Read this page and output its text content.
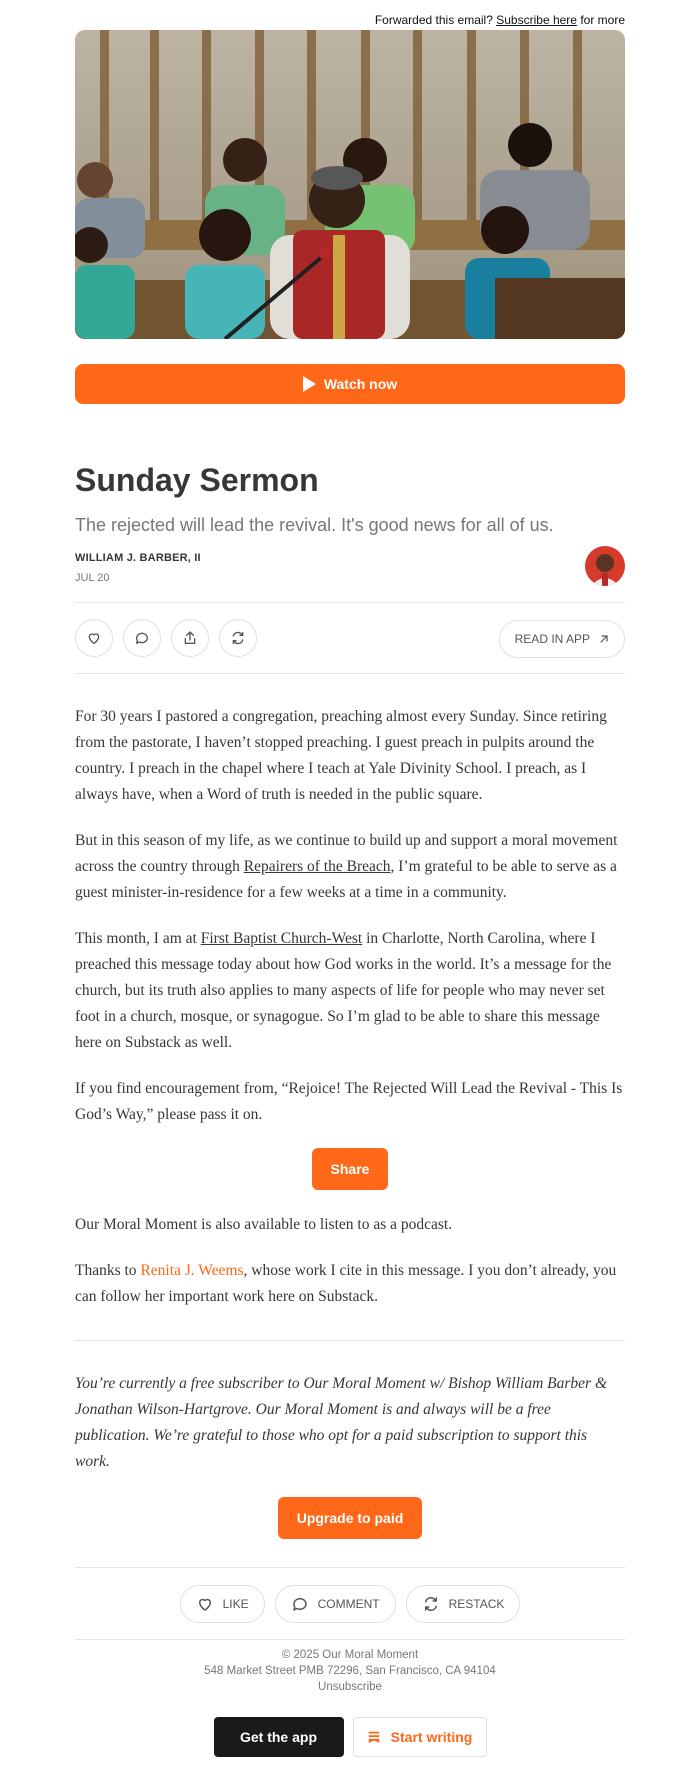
Forwarded this email? Subscribe here for more
Watch now
Sunday Sermon
The rejected will lead the revival. It's good news for all of us.
WILLIAM J. BARBER, II
JUL 20
READ IN APP

For 30 years I pastored a congregation, preaching almost every Sunday. Since retiring from the pastorate, I haven’t stopped preaching. I guest preach in pulpits around the country. I preach in the chapel where I teach at Yale Divinity School. I preach, as I always have, when a Word of truth is needed in the public square.

But in this season of my life, as we continue to build up and support a moral movement across the country through Repairers of the Breach, I’m grateful to be able to serve as a guest minister-in-residence for a few weeks at a time in a community.

This month, I am at First Baptist Church-West in Charlotte, North Carolina, where I preached this message today about how God works in the world. It’s a message for the church, but its truth also applies to many aspects of life for people who may never set foot in a church, mosque, or synagogue. So I’m glad to be able to share this message here on Substack as well.

If you find encouragement from, “Rejoice! The Rejected Will Lead the Revival - This Is God’s Way,” please pass it on.

Share

Our Moral Moment is also available to listen to as a podcast.

Thanks to Renita J. Weems, whose work I cite in this message. I you don’t already, you can follow her important work here on Substack.

You’re currently a free subscriber to Our Moral Moment w/ Bishop William Barber & Jonathan Wilson-Hartgrove. Our Moral Moment is and always will be a free publication. We’re grateful to those who opt for a paid subscription to support this work.
Upgrade to paid
LIKE	COMMENT	RESTACK
© 2025 Our Moral Moment
548 Market Street PMB 72296, San Francisco, CA 94104
Unsubscribe
Get the app	Start writing
